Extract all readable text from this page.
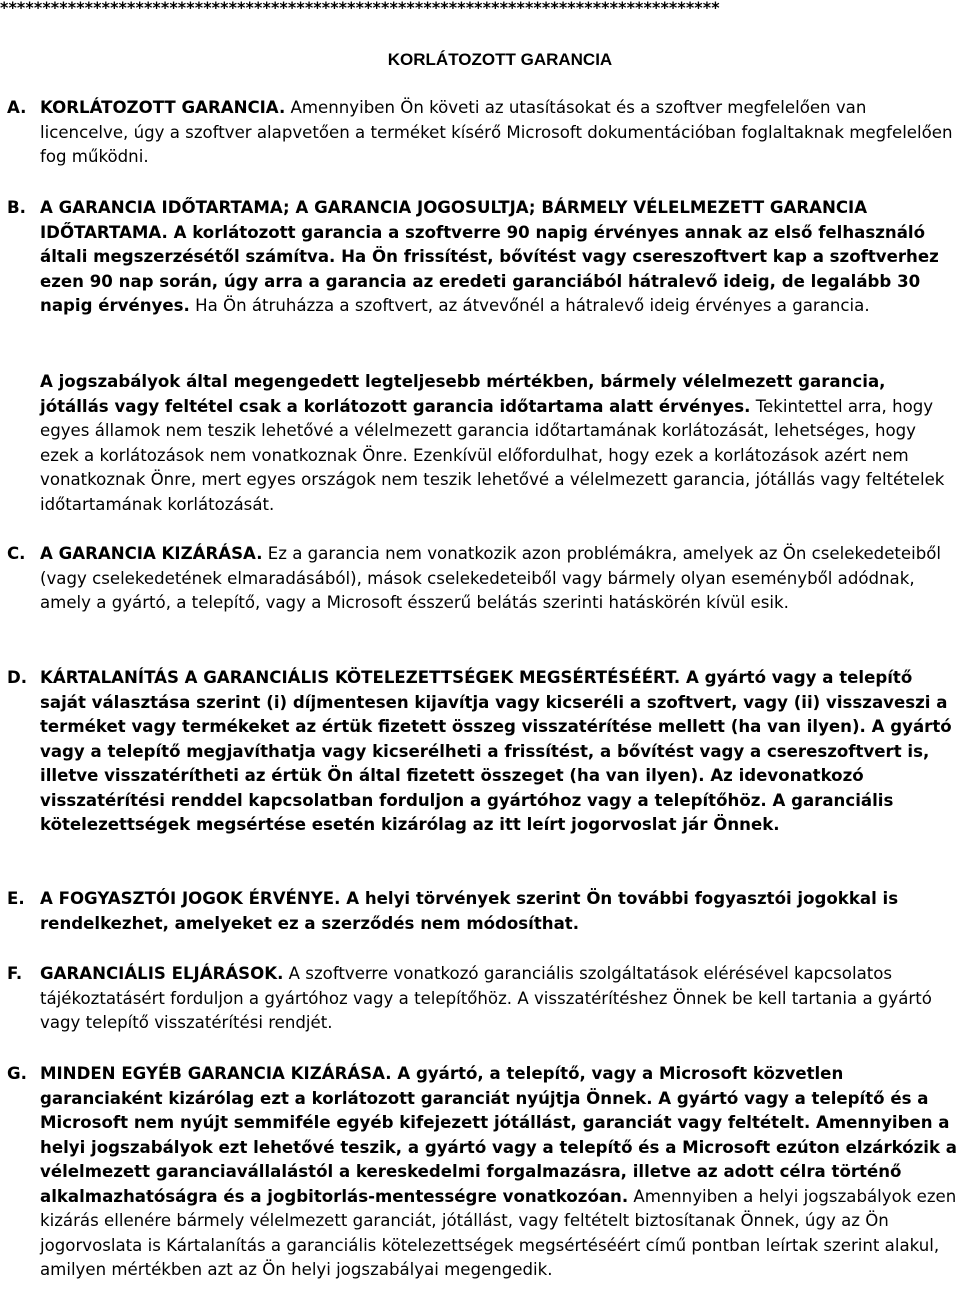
*************************************************************************************
KORLÁTOZOTT GARANCIA
A. KORLÁTOZOTT GARANCIA. Amennyiben Ön követi az utasításokat és a szoftver megfelelően van licencelve, úgy a szoftver alapvetően a terméket kísérő Microsoft dokumentációban foglaltaknak megfelelően fog működni.
B. A GARANCIA IDŐTARTAMA; A GARANCIA JOGOSULTJA; BÁRMELY VÉLELMEZETT GARANCIA IDŐTARTAMA. A korlátozott garancia a szoftverre 90 napig érvényes annak az első felhasználó általi megszerzésétől számítva. Ha Ön frissítést, bővítést vagy csereszoftvert kap a szoftverhez ezen 90 nap során, úgy arra a garancia az eredeti garanciából hátralevő ideig, de legalább 30 napig érvényes. Ha Ön átruházza a szoftvert, az átvevőnél a hátralevő ideig érvényes a garancia.
A jogszabályok által megengedett legteljesebb mértékben, bármely vélelmezett garancia, jótállás vagy feltétel csak a korlátozott garancia időtartama alatt érvényes. Tekintettel arra, hogy egyes államok nem teszik lehetővé a vélelmezett garancia időtartamának korlátozását, lehetséges, hogy ezek a korlátozások nem vonatkoznak Önre. Ezenkívül előfordulhat, hogy ezek a korlátozások azért nem vonatkoznak Önre, mert egyes országok nem teszik lehetővé a vélelmezett garancia, jótállás vagy feltételek időtartamának korlátozását.
C. A GARANCIA KIZÁRÁSA. Ez a garancia nem vonatkozik azon problémákra, amelyek az Ön cselekedeteiből (vagy cselekedetének elmaradásából), mások cselekedeteiből vagy bármely olyan eseményből adódnak, amely a gyártó, a telepítő, vagy a Microsoft ésszerű belátás szerinti hatáskörén kívül esik.
D. KÁRTALANÍTÁS A GARANCIÁLIS KÖTELEZETTSÉGEK MEGSÉRTÉSÉÉRT. A gyártó vagy a telepítő saját választása szerint (i) díjmentesen kijavítja vagy kicseréli a szoftvert, vagy (ii) visszaveszi a terméket vagy termékeket az értük fizetett összeg visszatérítése mellett (ha van ilyen). A gyártó vagy a telepítő megjavíthatja vagy kicserélheti a frissítést, a bővítést vagy a csereszoftvert is, illetve visszatérítheti az értük Ön által fizetett összeget (ha van ilyen). Az idevonatkozó visszatérítési renddel kapcsolatban forduljon a gyártóhoz vagy a telepítőhöz. A garanciális kötelezettségek megsértése esetén kizárólag az itt leírt jogorvoslat jár Önnek.
E. A FOGYASZTÓI JOGOK ÉRVÉNYE. A helyi törvények szerint Ön további fogyasztói jogokkal is rendelkezhet, amelyeket ez a szerződés nem módosíthat.
F. GARANCIÁLIS ELJÁRÁSOK. A szoftverre vonatkozó garanciális szolgáltatások elérésével kapcsolatos tájékoztatásért forduljon a gyártóhoz vagy a telepítőhöz. A visszatérítéshez Önnek be kell tartania a gyártó vagy telepítő visszatérítési rendjét.
G. MINDEN EGYÉB GARANCIA KIZÁRÁSA. A gyártó, a telepítő, vagy a Microsoft közvetlen garanciaként kizárólag ezt a korlátozott garanciát nyújtja Önnek. A gyártó vagy a telepítő és a Microsoft nem nyújt semmiféle egyéb kifejezett jótállást, garanciát vagy feltételt. Amennyiben a helyi jogszabályok ezt lehetővé teszik, a gyártó vagy a telepítő és a Microsoft ezúton elzárkózik a vélelmezett garanciavállalástól a kereskedelmi forgalmazásra, illetve az adott célra történő alkalmazhatóságra és a jogbitorlás-mentességre vonatkozóan. Amennyiben a helyi jogszabályok ezen kizárás ellenére bármely vélelmezett garanciát, jótállást, vagy feltételt biztosítanak Önnek, úgy az Ön jogorvoslata is Kártalanítás a garanciális kötelezettségek megsértéséért című pontban leírtak szerint alakul, amilyen mértékben azt az Ön helyi jogszabályai megengedik.
